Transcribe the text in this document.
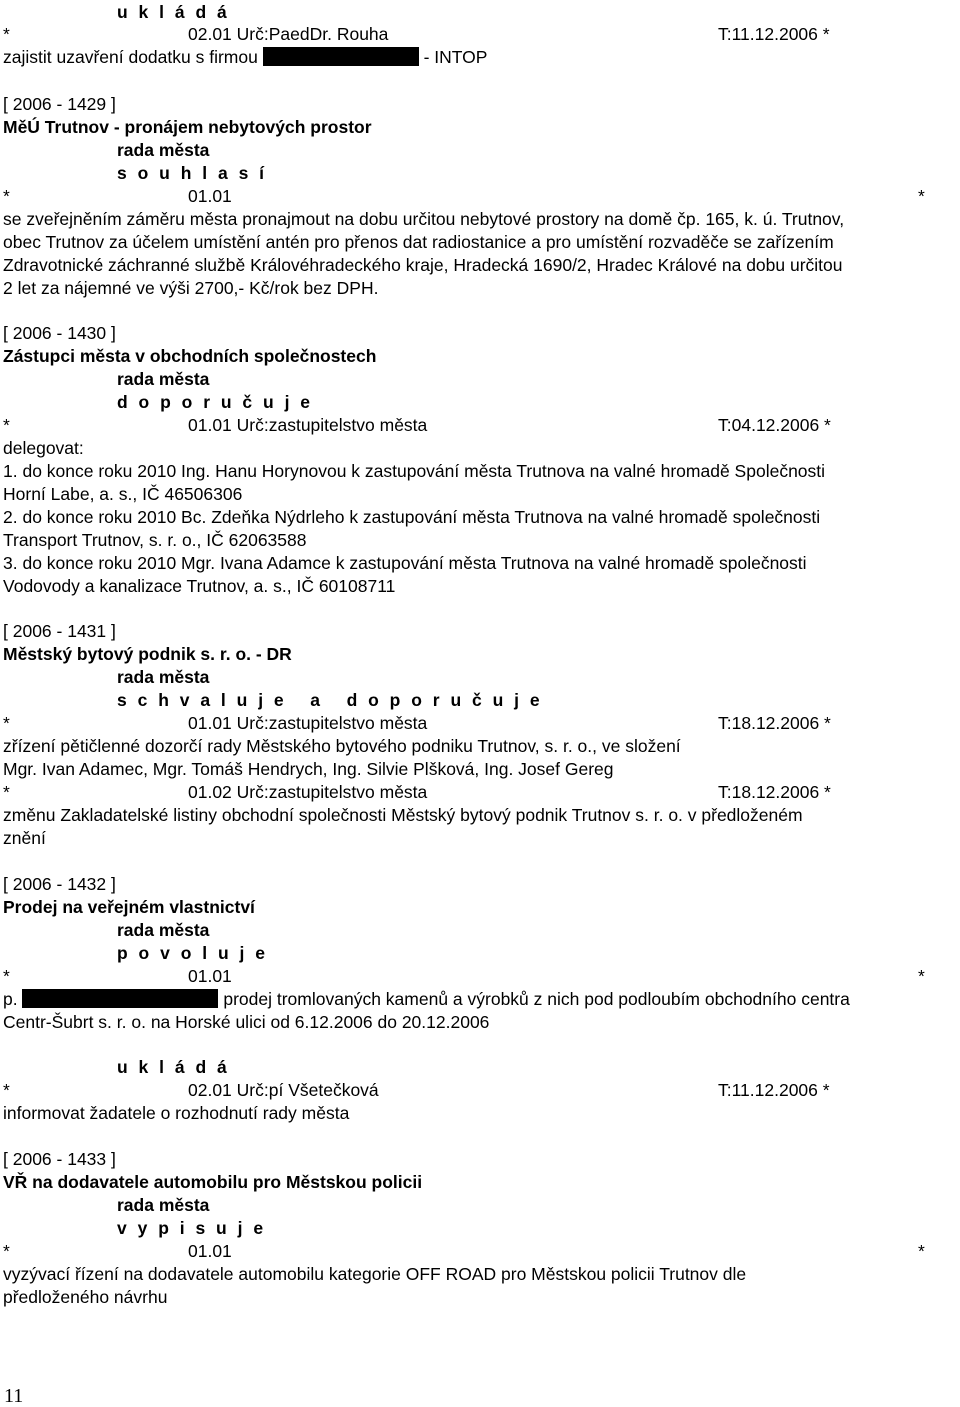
u k l á d á
*	02.01 Urč:PaedDr. Rouha	T:11.12.2006 *
zajistit uzavření dodatku s firmou	- INTOP
[ 2006 - 1429 ]
MěÚ Trutnov - pronájem nebytových prostor
rada města
s o u h l a s í
*	01.01	*
se zveřejněním záměru města pronajmout na dobu určitou nebytové prostory na domě čp. 165, k. ú. Trutnov,
obec Trutnov za účelem umístění antén pro přenos dat radiostanice a pro umístění rozvaděče se zařízením
Zdravotnické záchranné službě Královéhradeckého kraje, Hradecká 1690/2, Hradec Králové na dobu určitou
2 let za nájemné ve výši 2700,- Kč/rok bez DPH.
[ 2006 - 1430 ]
Zástupci města v obchodních společnostech
rada města
d o p o r u č u j e
*	01.01 Urč:zastupitelstvo města	T:04.12.2006 *
delegovat:
1. do konce roku 2010 Ing. Hanu Horynovou k zastupování města Trutnova na valné hromadě Společnosti
Horní Labe, a. s., IČ 46506306
2. do konce roku 2010 Bc. Zdeňka Nýdrleho k zastupování města Trutnova na valné hromadě společnosti
Transport Trutnov, s. r. o., IČ 62063588
3. do konce roku 2010 Mgr. Ivana Adamce k zastupování města Trutnova na valné hromadě společnosti
Vodovody a kanalizace Trutnov, a. s., IČ 60108711
[ 2006 - 1431 ]
Městský bytový podnik s. r. o. - DR
rada města
s c h v a l u j e   a   d o p o r u č u j e
*	01.01 Urč:zastupitelstvo města	T:18.12.2006 *
zřízení pětičlenné dozorčí rady Městského bytového podniku Trutnov, s. r. o., ve složení
Mgr. Ivan Adamec, Mgr. Tomáš Hendrych, Ing. Silvie Plšková, Ing. Josef Gereg
*	01.02 Urč:zastupitelstvo města	T:18.12.2006 *
změnu Zakladatelské listiny obchodní společnosti Městský bytový podnik Trutnov s. r. o. v předloženém
znění
[ 2006 - 1432 ]
Prodej na veřejném vlastnictví
rada města
p o v o l u j e
*	01.01	*
p.	prodej tromlovaných kamenů a výrobků z nich pod podloubím obchodního centra
Centr-Šubrt s. r. o. na Horské ulici od 6.12.2006 do 20.12.2006
u k l á d á
*	02.01 Urč:pí Všetečková	T:11.12.2006 *
informovat žadatele o rozhodnutí rady města
[ 2006 - 1433 ]
VŘ na dodavatele automobilu pro Městskou policii
rada města
v y p i s u j e
*	01.01	*
vyzývací řízení na dodavatele automobilu kategorie OFF ROAD pro Městskou policii Trutnov dle
předloženého návrhu
11
